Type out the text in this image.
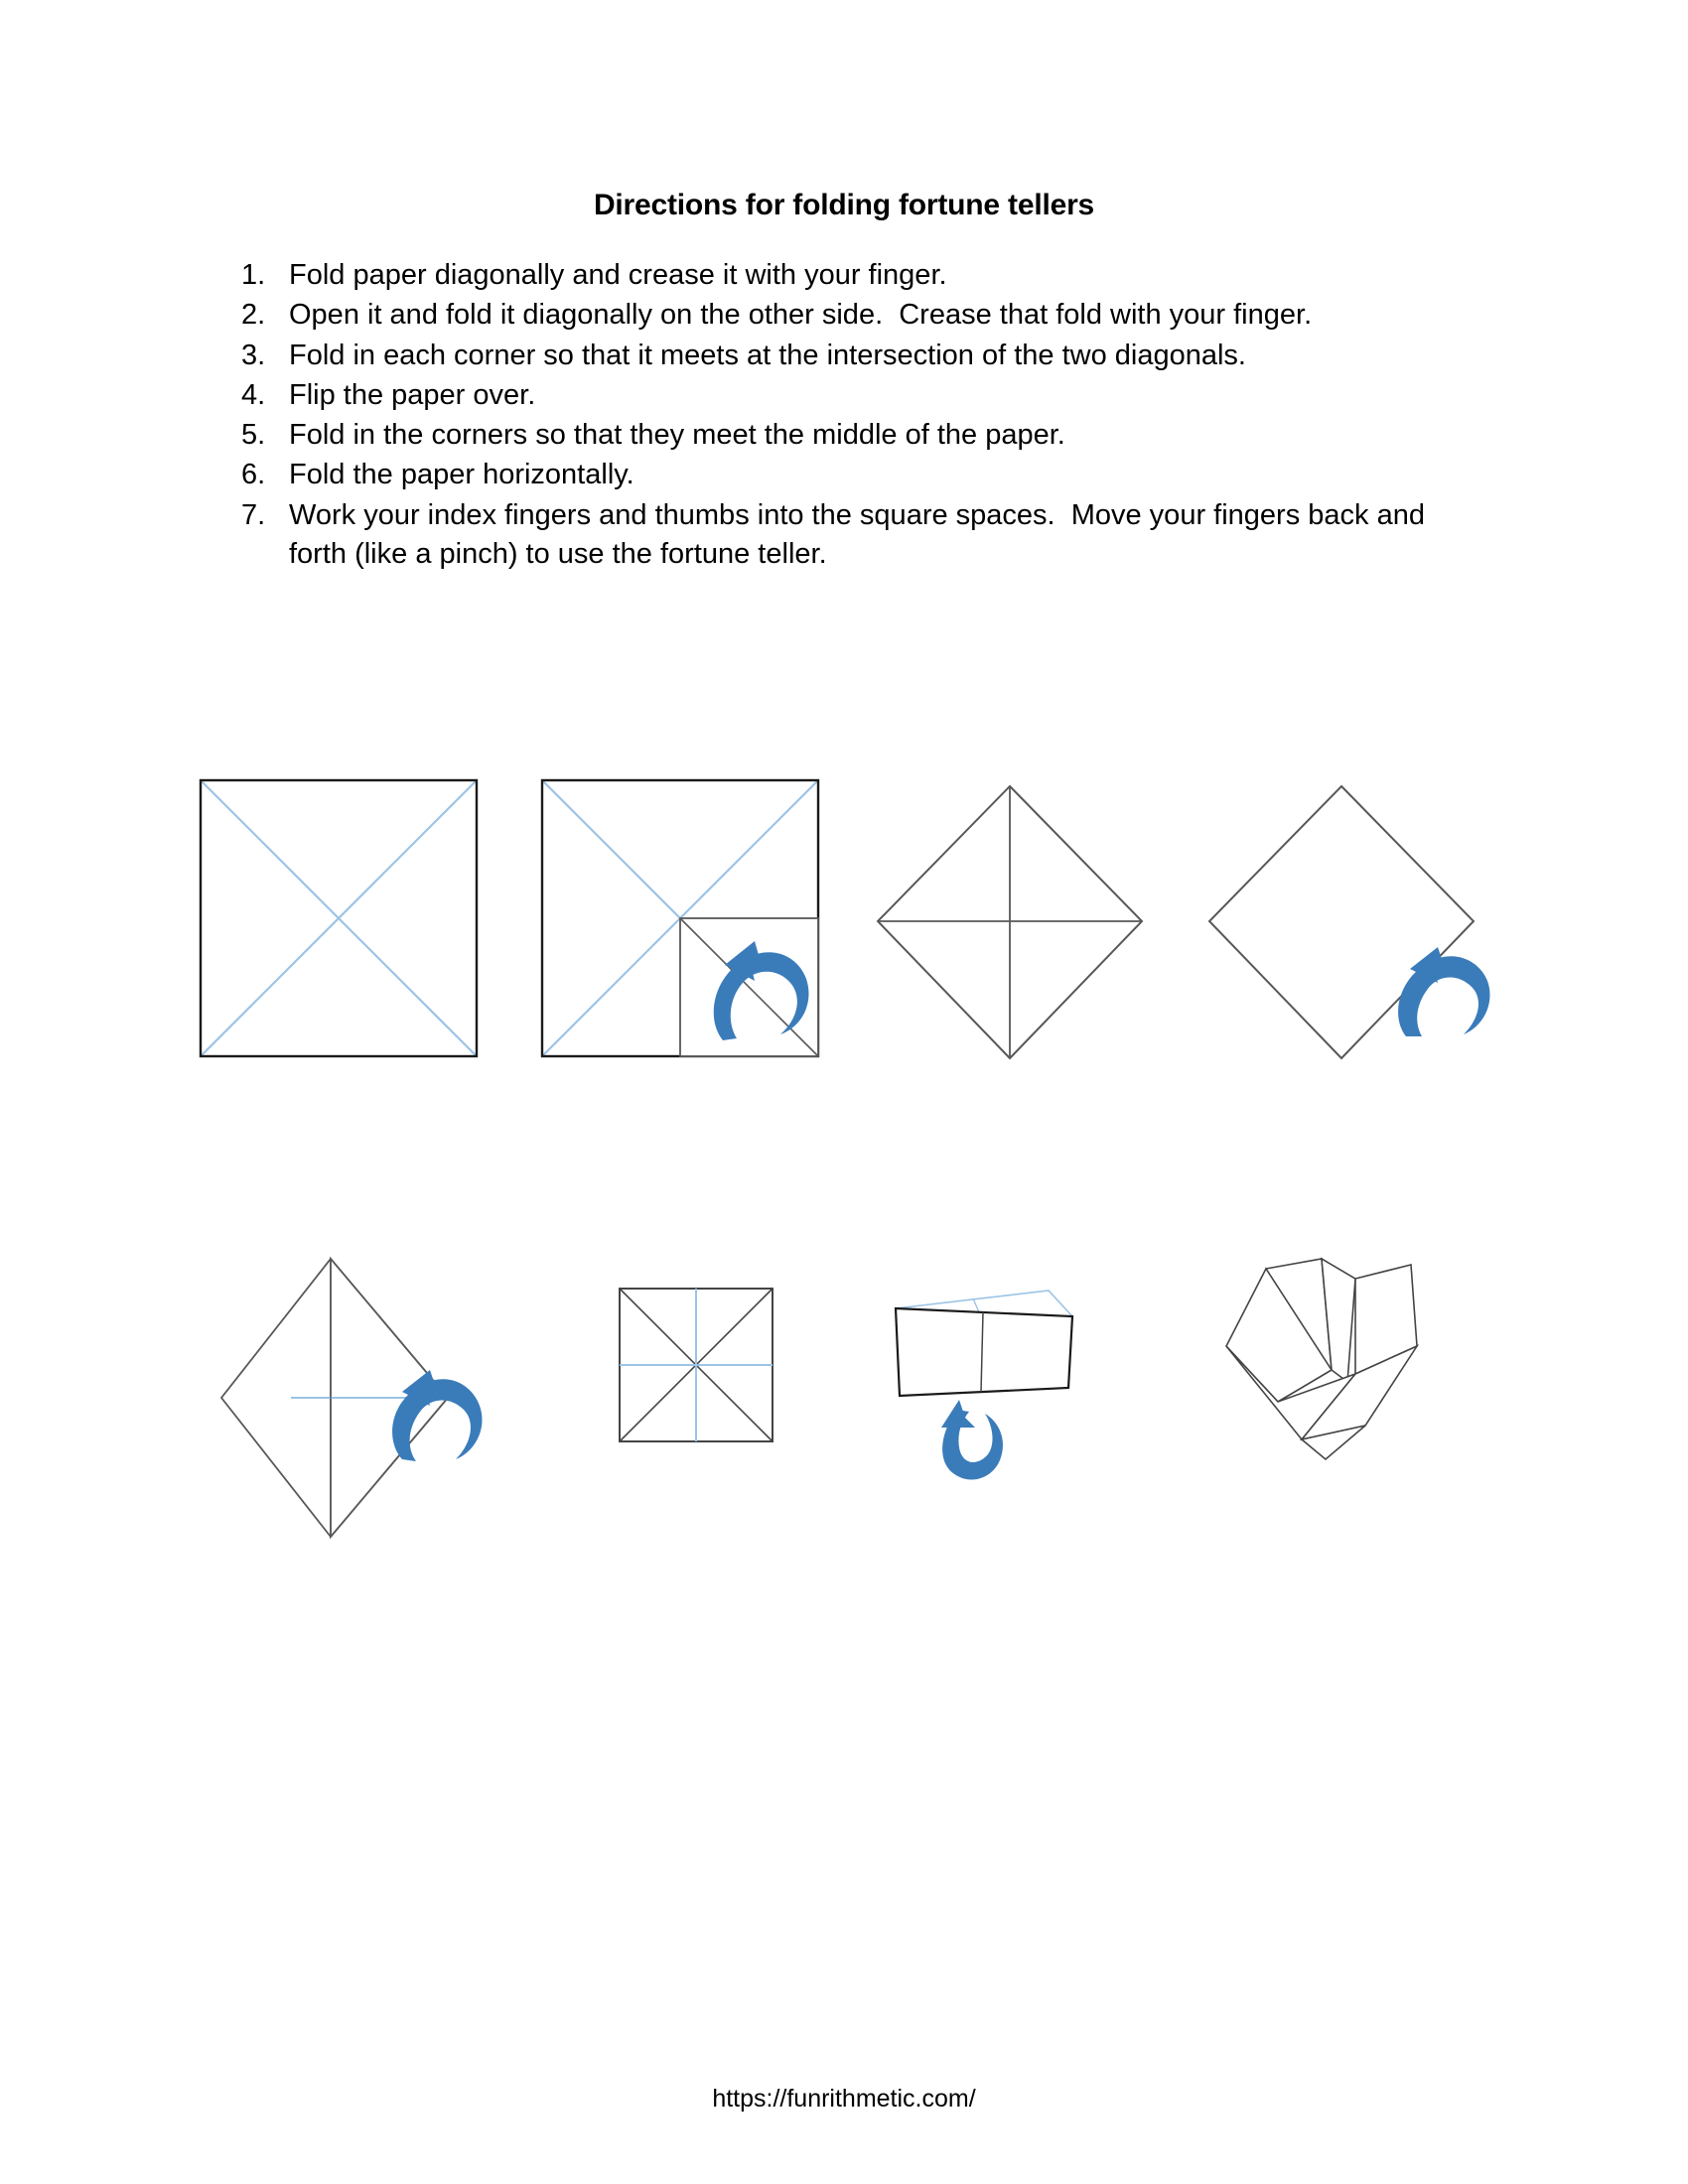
Directions for folding fortune tellers
1. Fold paper diagonally and crease it with your finger.
2. Open it and fold it diagonally on the other side.  Crease that fold with your finger.
3. Fold in each corner so that it meets at the intersection of the two diagonals.
4. Flip the paper over.
5. Fold in the corners so that they meet the middle of the paper.
6. Fold the paper horizontally.
7. Work your index fingers and thumbs into the square spaces.  Move your fingers back and forth (like a pinch) to use the fortune teller.
https://funrithmetic.com/
